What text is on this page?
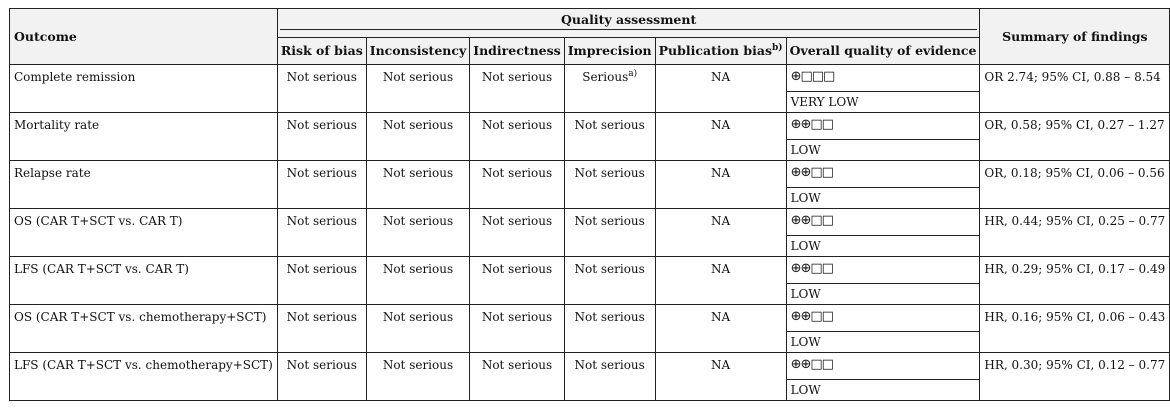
Outcome	Quality assessment						Summary of findings
	Risk of bias	Inconsistency	Indirectness	Imprecision	Publication bias$^{b)}$	Overall quality of evidence	
Complete remission	Not serious	Not serious	Not serious	Serious$^{a)}$	NA	⊕□□□	OR 2.74; 95% CI, 0.88 – 8.54
						VERY LOW	
Mortality rate	Not serious	Not serious	Not serious	Not serious	NA	⊕⊕□□	OR, 0.58; 95% CI, 0.27 – 1.27
						LOW	
Relapse rate	Not serious	Not serious	Not serious	Not serious	NA	⊕⊕□□	OR, 0.18; 95% CI, 0.06 – 0.56
						LOW	
OS (CAR T+SCT vs. CAR T)	Not serious	Not serious	Not serious	Not serious	NA	⊕⊕□□	HR, 0.44; 95% CI, 0.25 – 0.77
						LOW	
LFS (CAR T+SCT vs. CAR T)	Not serious	Not serious	Not serious	Not serious	NA	⊕⊕□□	HR, 0.29; 95% CI, 0.17 – 0.49
						LOW	
OS (CAR T+SCT vs. chemotherapy+SCT)	Not serious	Not serious	Not serious	Not serious	NA	⊕⊕□□	HR, 0.16; 95% CI, 0.06 – 0.43
						LOW	
LFS (CAR T+SCT vs. chemotherapy+SCT)	Not serious	Not serious	Not serious	Not serious	NA	⊕⊕□□	HR, 0.30; 95% CI, 0.12 – 0.77
						LOW	
